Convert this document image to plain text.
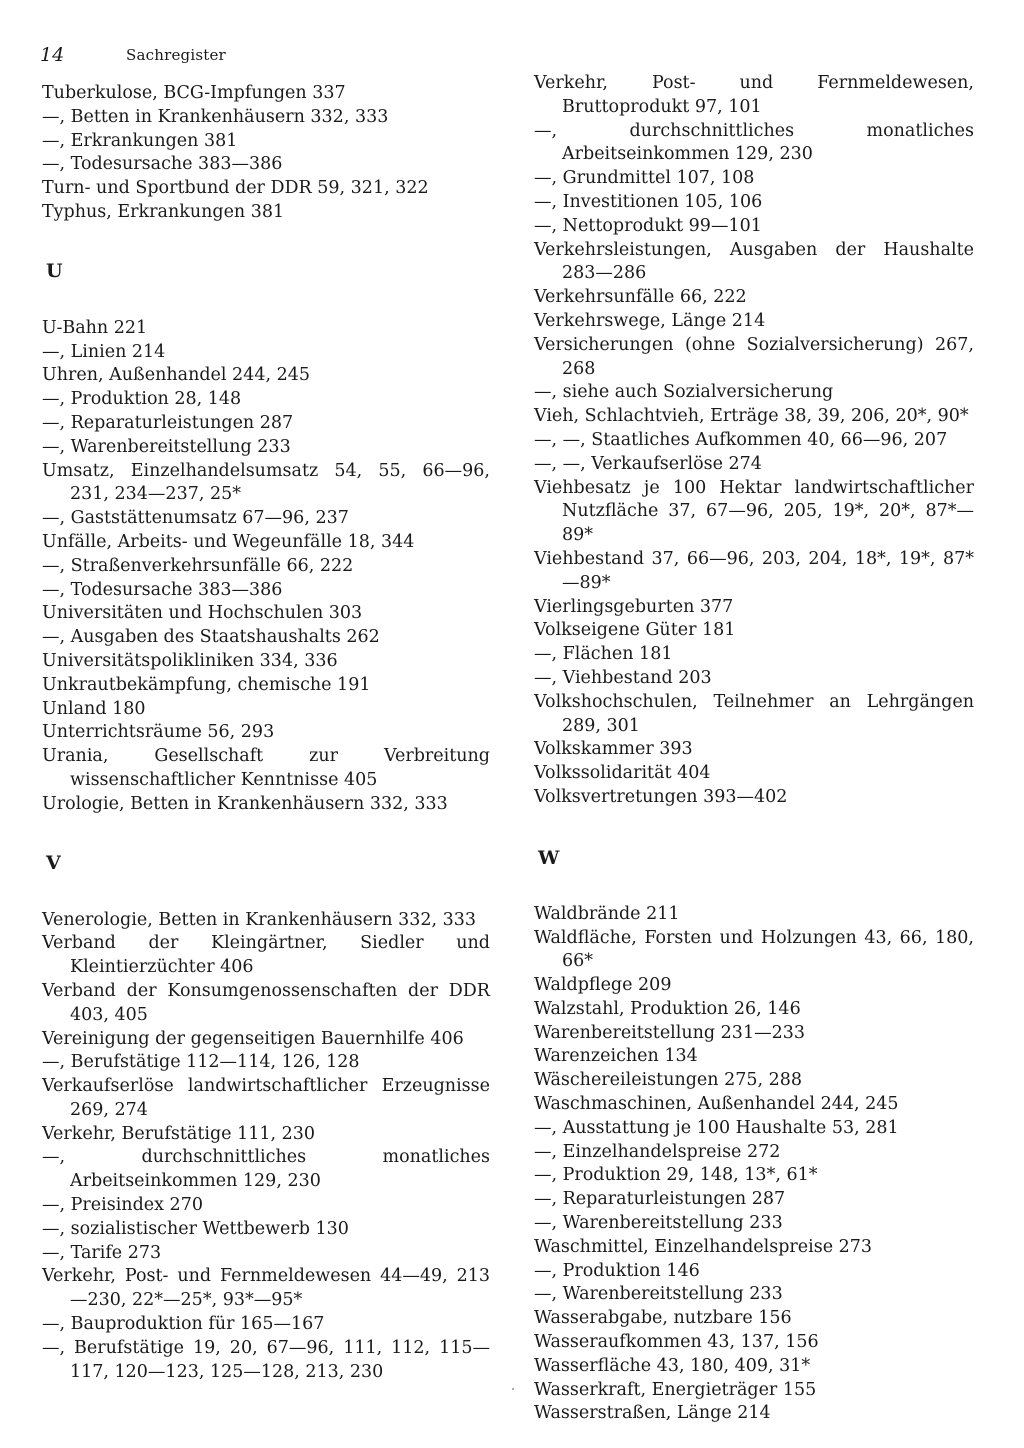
14	Sachregister
Tuberkulose, BCG-Impfungen 337
—, Betten in Krankenhäusern 332, 333
—, Erkrankungen 381
—, Todesursache 383—386
Turn- und Sportbund der DDR 59, 321, 322
Typhus, Erkrankungen 381
U
U-Bahn 221
—, Linien 214
Uhren, Außenhandel 244, 245
—, Produktion 28, 148
—, Reparaturleistungen 287
—, Warenbereitstellung 233
Umsatz, Einzelhandelsumsatz 54, 55, 66—96, 231, 234—237, 25*
—, Gaststättenumsatz 67—96, 237
Unfälle, Arbeits- und Wegeunfälle 18, 344
—, Straßenverkehrsunfälle 66, 222
—, Todesursache 383—386
Universitäten und Hochschulen 303
—, Ausgaben des Staatshaushalts 262
Universitätspolikliniken 334, 336
Unkrautbekämpfung, chemische 191
Unland 180
Unterrichtsräume 56, 293
Urania, Gesellschaft zur Verbreitung wissenschaftlicher Kenntnisse 405
Urologie, Betten in Krankenhäusern 332, 333
V
Venerologie, Betten in Krankenhäusern 332, 333
Verband der Kleingärtner, Siedler und Kleintierzüchter 406
Verband der Konsumgenossenschaften der DDR 403, 405
Vereinigung der gegenseitigen Bauernhilfe 406
—, Berufstätige 112—114, 126, 128
Verkaufserlöse landwirtschaftlicher Erzeugnisse 269, 274
Verkehr, Berufstätige 111, 230
—, durchschnittliches monatliches Arbeitseinkommen 129, 230
—, Preisindex 270
—, sozialistischer Wettbewerb 130
—, Tarife 273
Verkehr, Post- und Fernmeldewesen 44—49, 213—230, 22*—25*, 93*—95*
—, Bauproduktion für 165—167
—, Berufstätige 19, 20, 67—96, 111, 112, 115—117, 120—123, 125—128, 213, 230
Verkehr, Post- und Fernmeldewesen, Bruttoprodukt 97, 101
—, durchschnittliches monatliches Arbeitseinkommen 129, 230
—, Grundmittel 107, 108
—, Investitionen 105, 106
—, Nettoprodukt 99—101
Verkehrsleistungen, Ausgaben der Haushalte 283—286
Verkehrsunfälle 66, 222
Verkehrswege, Länge 214
Versicherungen (ohne Sozialversicherung) 267, 268
—, siehe auch Sozialversicherung
Vieh, Schlachtvieh, Erträge 38, 39, 206, 20*, 90*
—, —, Staatliches Aufkommen 40, 66—96, 207
—, —, Verkaufserlöse 274
Viehbesatz je 100 Hektar landwirtschaftlicher Nutzfläche 37, 67—96, 205, 19*, 20*, 87*—89*
Viehbestand 37, 66—96, 203, 204, 18*, 19*, 87*—89*
Vierlingsgeburten 377
Volkseigene Güter 181
—, Flächen 181
—, Viehbestand 203
Volkshochschulen, Teilnehmer an Lehrgängen 289, 301
Volkskammer 393
Volkssolidarität 404
Volksvertretungen 393—402
W
Waldbrände 211
Waldfläche, Forsten und Holzungen 43, 66, 180, 66*
Waldpflege 209
Walzstahl, Produktion 26, 146
Warenbereitstellung 231—233
Warenzeichen 134
Wäschereileistungen 275, 288
Waschmaschinen, Außenhandel 244, 245
—, Ausstattung je 100 Haushalte 53, 281
—, Einzelhandelspreise 272
—, Produktion 29, 148, 13*, 61*
—, Reparaturleistungen 287
—, Warenbereitstellung 233
Waschmittel, Einzelhandelspreise 273
—, Produktion 146
—, Warenbereitstellung 233
Wasserabgabe, nutzbare 156
Wasseraufkommen 43, 137, 156
Wasserfläche 43, 180, 409, 31*
Wasserkraft, Energieträger 155
Wasserstraßen, Länge 214
